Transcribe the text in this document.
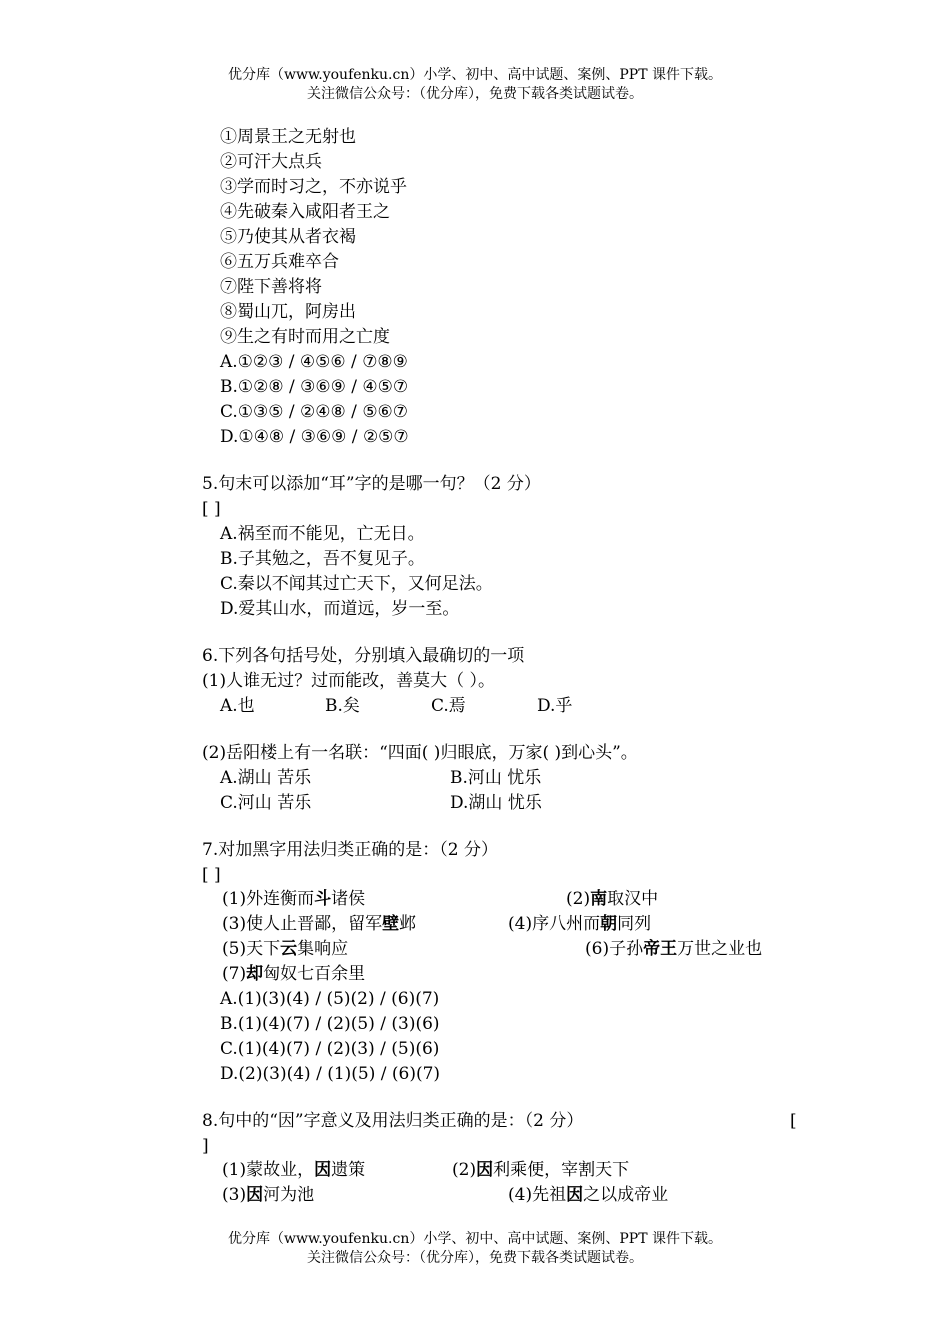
优分库（www.youfenku.cn）小学、初中、高中试题、案例、PPT 课件下载。
关注微信公众号：（优分库），免费下载各类试题试卷。
①周景王之无射也
②可汗大点兵
③学而时习之，不亦说乎
④先破秦入咸阳者王之
⑤乃使其从者衣褐
⑥五万兵难卒合
⑦陛下善将将
⑧蜀山兀，阿房出
⑨生之有时而用之亡度
A.①②③ / ④⑤⑥ / ⑦⑧⑨
B.①②⑧ / ③⑥⑨ / ④⑤⑦
C.①③⑤ / ②④⑧ / ⑤⑥⑦
D.①④⑧ / ③⑥⑨ / ②⑤⑦
5.句末可以添加“耳”字的是哪一句？（2 分）
[ ]
A.祸至而不能见，亡无日。
B.子其勉之，吾不复见子。
C.秦以不闻其过亡天下，又何足法。
D.爱其山水，而道远，岁一至。
6.下列各句括号处，分别填入最确切的一项
(1)人谁无过？过而能改，善莫大（ ）。
A.也	B.矣	C.焉	D.乎
(2)岳阳楼上有一名联：“四面( )归眼底，万家( )到心头”。
A.湖山 苦乐	B.河山 忧乐
C.河山 苦乐	D.湖山 忧乐
7.对加黑字用法归类正确的是：（2 分）
[ ]
(1)外连衡而斗诸侯	(2)南取汉中
(3)使人止晋鄙，留军壁邺	(4)序八州而朝同列
(5)天下云集响应	(6)子孙帝王万世之业也
(7)却匈奴七百余里
A.(1)(3)(4) / (5)(2) / (6)(7)
B.(1)(4)(7) / (2)(5) / (3)(6)
C.(1)(4)(7) / (2)(3) / (5)(6)
D.(2)(3)(4) / (1)(5) / (6)(7)
8.句中的“因”字意义及用法归类正确的是：（2 分）	[
]
(1)蒙故业，因遗策	(2)因利乘便，宰割天下
(3)因河为池	(4)先祖因之以成帝业
优分库（www.youfenku.cn）小学、初中、高中试题、案例、PPT 课件下载。
关注微信公众号：（优分库），免费下载各类试题试卷。
